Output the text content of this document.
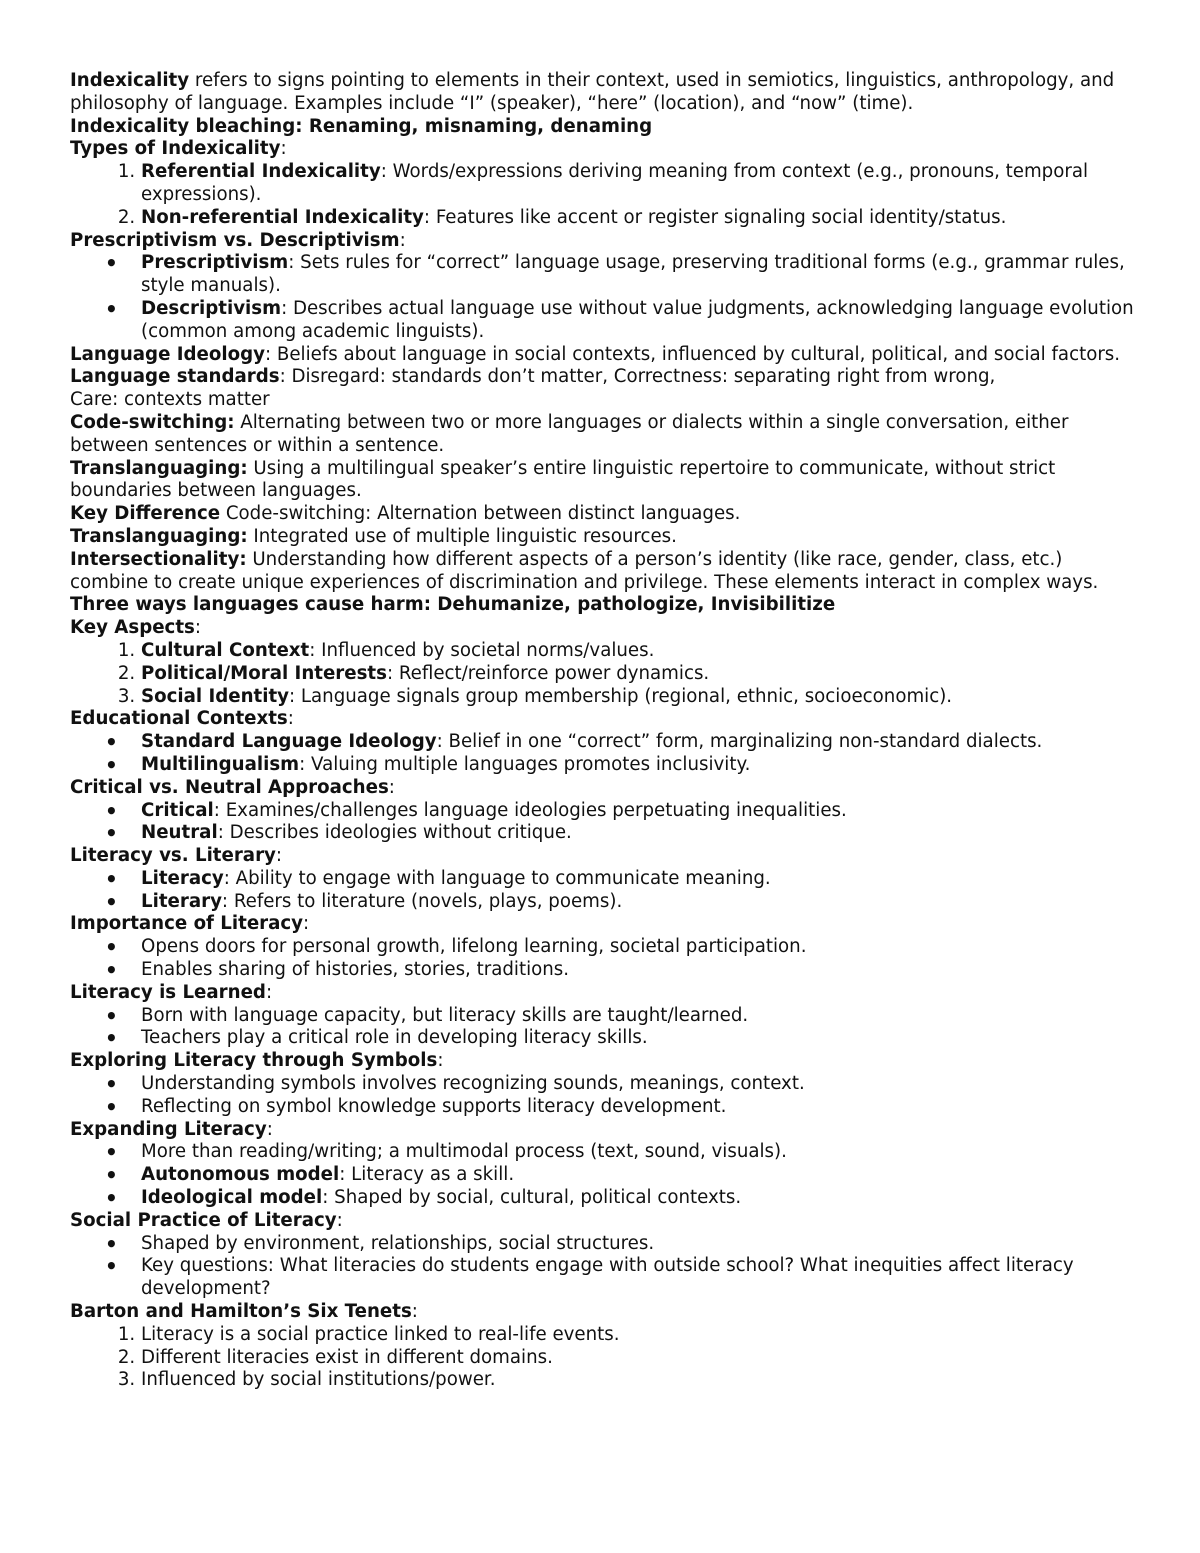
Indexicality refers to signs pointing to elements in their context, used in semiotics, linguistics, anthropology, and philosophy of language. Examples include “I” (speaker), “here” (location), and “now” (time).

Indexicality bleaching: Renaming, misnaming, denaming

Types of Indexicality:

1. Referential Indexicality: Words/expressions deriving meaning from context (e.g., pronouns, temporal expressions).
2. Non-referential Indexicality: Features like accent or register signaling social identity/status.

Prescriptivism vs. Descriptivism:

• Prescriptivism: Sets rules for “correct” language usage, preserving traditional forms (e.g., grammar rules, style manuals).
• Descriptivism: Describes actual language use without value judgments, acknowledging language evolution (common among academic linguists).

Language Ideology: Beliefs about language in social contexts, influenced by cultural, political, and social factors. Language standards: Disregard: standards don’t matter, Correctness: separating right from wrong,

Care: contexts matter

Code-switching: Alternating between two or more languages or dialects within a single conversation, either between sentences or within a sentence.

Translanguaging: Using a multilingual speaker’s entire linguistic repertoire to communicate, without strict boundaries between languages.

Key Difference Code-switching: Alternation between distinct languages.

Translanguaging: Integrated use of multiple linguistic resources.

Intersectionality: Understanding how different aspects of a person’s identity (like race, gender, class, etc.) combine to create unique experiences of discrimination and privilege. These elements interact in complex ways.

Three ways languages cause harm: Dehumanize, pathologize, Invisibilitize

Key Aspects:

1. Cultural Context: Influenced by societal norms/values.
2. Political/Moral Interests: Reflect/reinforce power dynamics.
3. Social Identity: Language signals group membership (regional, ethnic, socioeconomic).

Educational Contexts:

• Standard Language Ideology: Belief in one “correct” form, marginalizing non-standard dialects.
• Multilingualism: Valuing multiple languages promotes inclusivity.

Critical vs. Neutral Approaches:

• Critical: Examines/challenges language ideologies perpetuating inequalities.
• Neutral: Describes ideologies without critique.

Literacy vs. Literary:

• Literacy: Ability to engage with language to communicate meaning.
• Literary: Refers to literature (novels, plays, poems).

Importance of Literacy:

• Opens doors for personal growth, lifelong learning, societal participation.
• Enables sharing of histories, stories, traditions.

Literacy is Learned:

• Born with language capacity, but literacy skills are taught/learned.
• Teachers play a critical role in developing literacy skills.

Exploring Literacy through Symbols:

• Understanding symbols involves recognizing sounds, meanings, context.
• Reflecting on symbol knowledge supports literacy development.

Expanding Literacy:

• More than reading/writing; a multimodal process (text, sound, visuals).
• Autonomous model: Literacy as a skill.
• Ideological model: Shaped by social, cultural, political contexts.

Social Practice of Literacy:

• Shaped by environment, relationships, social structures.
• Key questions: What literacies do students engage with outside school? What inequities affect literacy development?

Barton and Hamilton’s Six Tenets:

1. Literacy is a social practice linked to real-life events.
2. Different literacies exist in different domains.
3. Influenced by social institutions/power.
